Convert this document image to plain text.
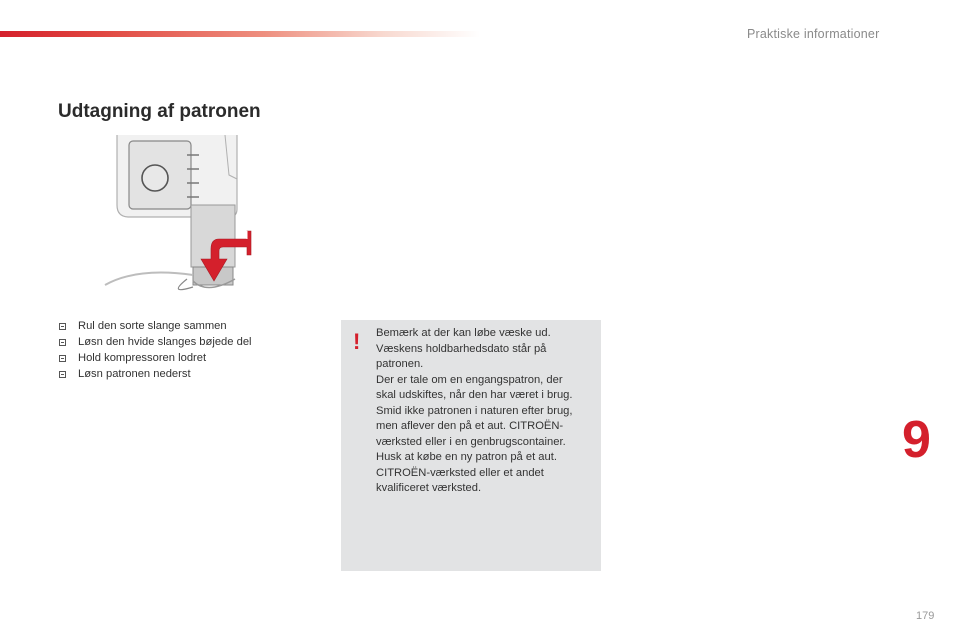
Praktiske informationer
Udtagning af patronen
Rul den sorte slange sammen
Løsn den hvide slanges bøjede del
Hold kompressoren lodret
Løsn patronen nederst
! Bemærk at der kan løbe væske ud.
Væskens holdbarhedsdato står på
patronen.
Der er tale om en engangspatron, der
skal udskiftes, når den har været i brug.
Smid ikke patronen i naturen efter brug,
men aflever den på et aut. CITROËN-
værksted eller i en genbrugscontainer.
Husk at købe en ny patron på et aut.
CITROËN-værksted eller et andet
kvalificeret værksted.

9
179
